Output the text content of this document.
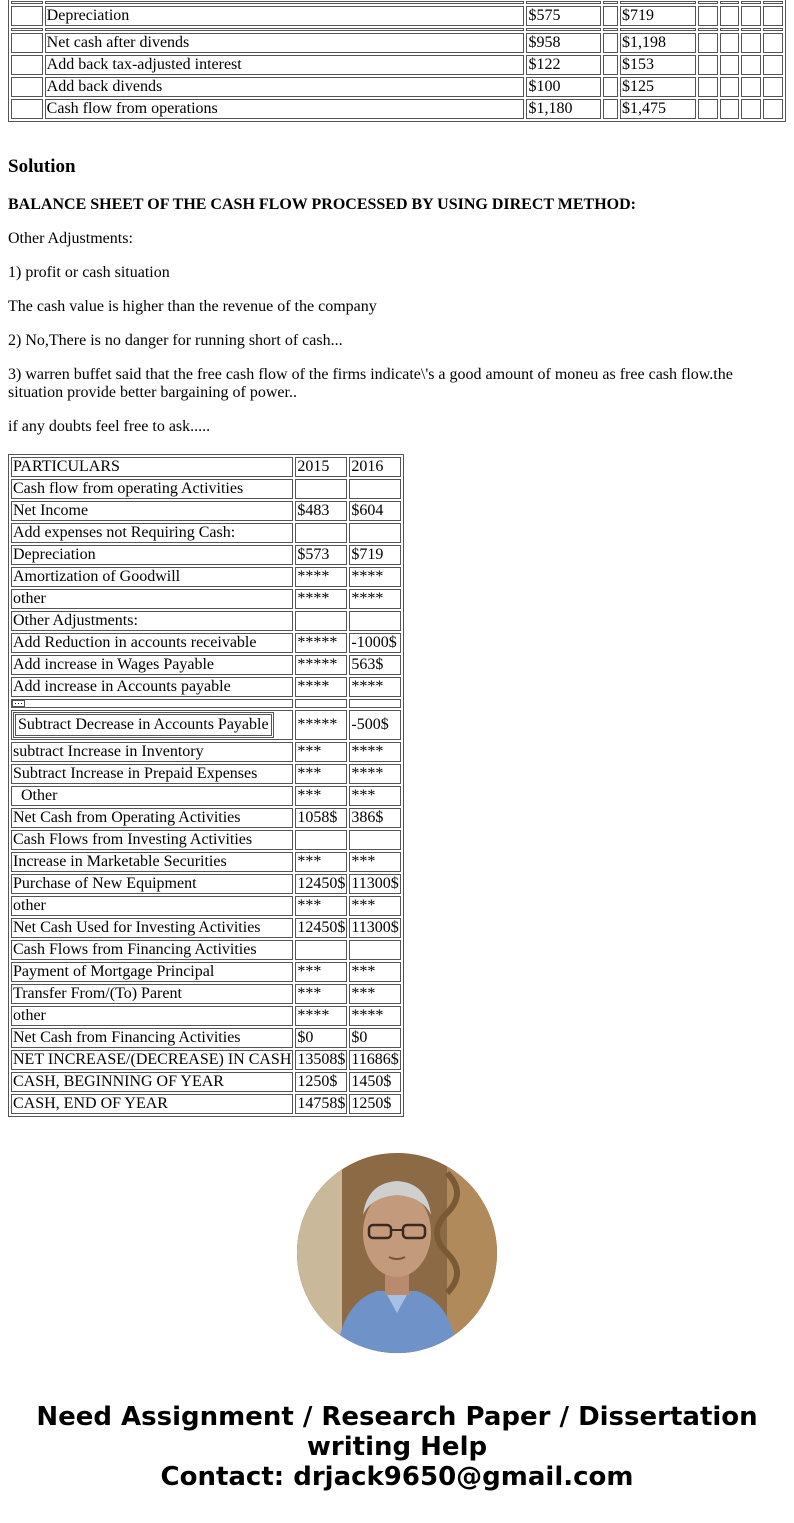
	Depreciation	$575		$719				

	Net cash after divends	$958		$1,198				
	Add back tax-adjusted interest	$122		$153				
	Add back divends	$100		$125				
	Cash flow from operations	$1,180		$1,475				
Solution

BALANCE SHEET OF THE CASH FLOW PROCESSED BY USING DIRECT METHOD:

Other Adjustments:

1) profit or cash situation

The cash value is higher than the revenue of the company

2) No,There is no danger for running short of cash...

3) warren buffet said that the free cash flow of the firms indicate\'s a good amount of moneu as free cash flow.the situation provide better bargaining of power..

if any doubts feel free to ask.....

PARTICULARS	2015	2016
Cash flow from operating Activities		
Net Income	$483	$604
Add expenses not Requiring Cash:		
Depreciation	$573	$719
Amortization of Goodwill	****	****
other	****	****
Other Adjustments:		
Add Reduction in accounts receivable	*****	-1000$
Add increase in Wages Payable	*****	563$
Add increase in Accounts payable	****	****
⋯		
Subtract Decrease in Accounts Payable	*****	-500$
subtract Increase in Inventory	***	****
Subtract Increase in Prepaid Expenses	***	****
Other	***	***
Net Cash from Operating Activities	1058$	386$
Cash Flows from Investing Activities		
Increase in Marketable Securities	***	***
Purchase of New Equipment	12450$	11300$
other	***	***
Net Cash Used for Investing Activities	12450$	11300$
Cash Flows from Financing Activities		
Payment of Mortgage Principal	***	***
Transfer From/(To) Parent	***	***
other	****	****
Net Cash from Financing Activities	$0	$0
NET INCREASE/(DECREASE) IN CASH	13508$	11686$
CASH, BEGINNING OF YEAR	1250$	1450$
CASH, END OF YEAR	14758$	1250$
Need Assignment / Research Paper / Dissertation
writing Help
Contact: drjack9650@gmail.com
